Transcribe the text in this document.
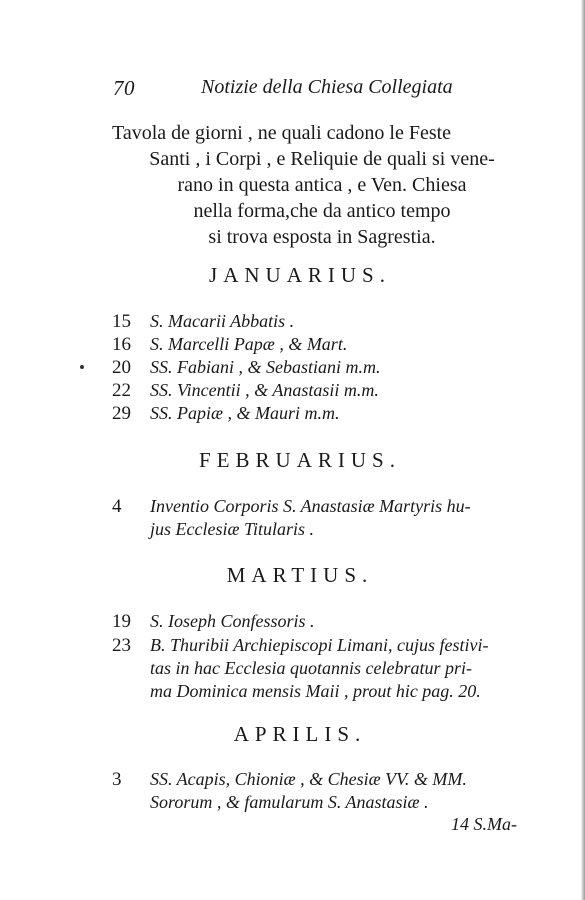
70	Notizie della Chiesa Collegiata
Tavola de giorni , ne quali cadono le Feste
Santi , i Corpi , e Reliquie de quali si vene-
rano in questa antica , e Ven. Chiesa
nella forma,che da antico tempo
si trova esposta in Sagrestia.
JANUARIUS.
15 S. Macarii Abbatis .
16 S. Marcelli Papæ , & Mart.
20 SS. Fabiani , & Sebastiani m.m.
22 SS. Vincentii , & Anastasii m.m.
29 SS. Papiæ , & Mauri m.m.
FEBRUARIUS.
4 Inventio Corporis S. Anastasiæ Martyris hu-
jus Ecclesiæ Titularis .
MARTIUS.
19 S. Ioseph Confessoris .
23 B. Thuribii Archiepiscopi Limani, cujus festivi-
tas in hac Ecclesia quotannis celebratur pri-
ma Dominica mensis Maii , prout hic pag. 20.
APRILIS.
3 SS. Acapis, Chioniæ , & Chesiæ VV. & MM.
Sororum , & famularum S. Anastasiæ .
14 S.Ma-
